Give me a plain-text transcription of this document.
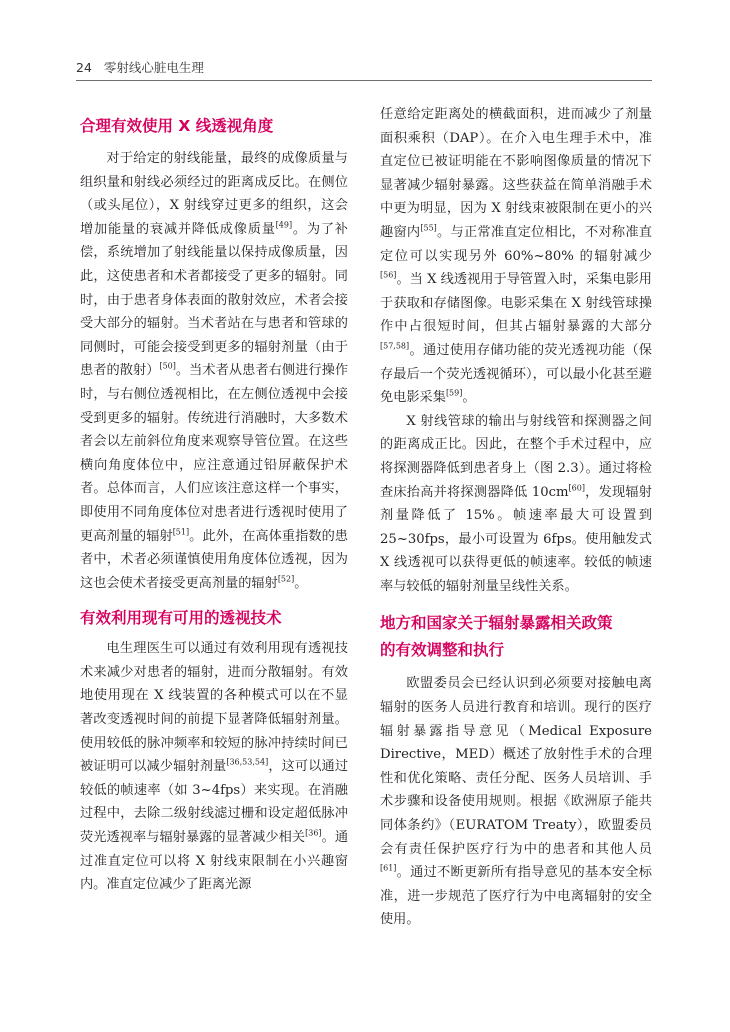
24 零射线心脏电生理
合理有效使用 X 线透视角度

对于给定的射线能量，最终的成像质量与组织量和射线必须经过的距离成反比。在侧位（或头尾位），X 射线穿过更多的组织，这会增加能量的衰减并降低成像质量[49]。为了补偿，系统增加了射线能量以保持成像质量，因此，这使患者和术者都接受了更多的辐射。同时，由于患者身体表面的散射效应，术者会接受大部分的辐射。当术者站在与患者和管球的同侧时，可能会接受到更多的辐射剂量（由于患者的散射）[50]。当术者从患者右侧进行操作时，与右侧位透视相比，在左侧位透视中会接受到更多的辐射。传统进行消融时，大多数术者会以左前斜位角度来观察导管位置。在这些横向角度体位中，应注意通过铅屏蔽保护术者。总体而言，人们应该注意这样一个事实，即使用不同角度体位对患者进行透视时使用了更高剂量的辐射[51]。此外，在高体重指数的患者中，术者必须谨慎使用角度体位透视，因为这也会使术者接受更高剂量的辐射[52]。

有效利用现有可用的透视技术

电生理医生可以通过有效利用现有透视技术来减少对患者的辐射，进而分散辐射。有效地使用现在 X 线装置的各种模式可以在不显著改变透视时间的前提下显著降低辐射剂量。使用较低的脉冲频率和较短的脉冲持续时间已被证明可以减少辐射剂量[36,53,54]，这可以通过较低的帧速率（如 3~4fps）来实现。在消融过程中，去除二级射线滤过栅和设定超低脉冲荧光透视率与辐射暴露的显著减少相关[36]。通过准直定位可以将 X 射线束限制在小兴趣窗内。准直定位减少了距离光源

任意给定距离处的横截面积，进而减少了剂量面积乘积（DAP）。在介入电生理手术中，准直定位已被证明能在不影响图像质量的情况下显著减少辐射暴露。这些获益在简单消融手术中更为明显，因为 X 射线束被限制在更小的兴趣窗内[55]。与正常准直定位相比，不对称准直定位可以实现另外 60%~80% 的辐射减少[56]。当 X 线透视用于导管置入时，采集电影用于获取和存储图像。电影采集在 X 射线管球操作中占很短时间，但其占辐射暴露的大部分[57,58]。通过使用存储功能的荧光透视功能（保存最后一个荧光透视循环），可以最小化甚至避免电影采集[59]。

X 射线管球的输出与射线管和探测器之间的距离成正比。因此，在整个手术过程中，应将探测器降低到患者身上（图 2.3）。通过将检查床抬高并将探测器降低 10cm[60]，发现辐射剂量降低了 15%。帧速率最大可设置到 25~30fps，最小可设置为 6fps。使用触发式 X 线透视可以获得更低的帧速率。较低的帧速率与较低的辐射剂量呈线性关系。

地方和国家关于辐射暴露相关政策
的有效调整和执行

欧盟委员会已经认识到必须要对接触电离辐射的医务人员进行教育和培训。现行的医疗辐射暴露指导意见（Medical Exposure Directive，MED）概述了放射性手术的合理性和优化策略、责任分配、医务人员培训、手术步骤和设备使用规则。根据《欧洲原子能共同体条约》（EURATOM Treaty），欧盟委员会有责任保护医疗行为中的患者和其他人员[61]。通过不断更新所有指导意见的基本安全标准，进一步规范了医疗行为中电离辐射的安全使用。
